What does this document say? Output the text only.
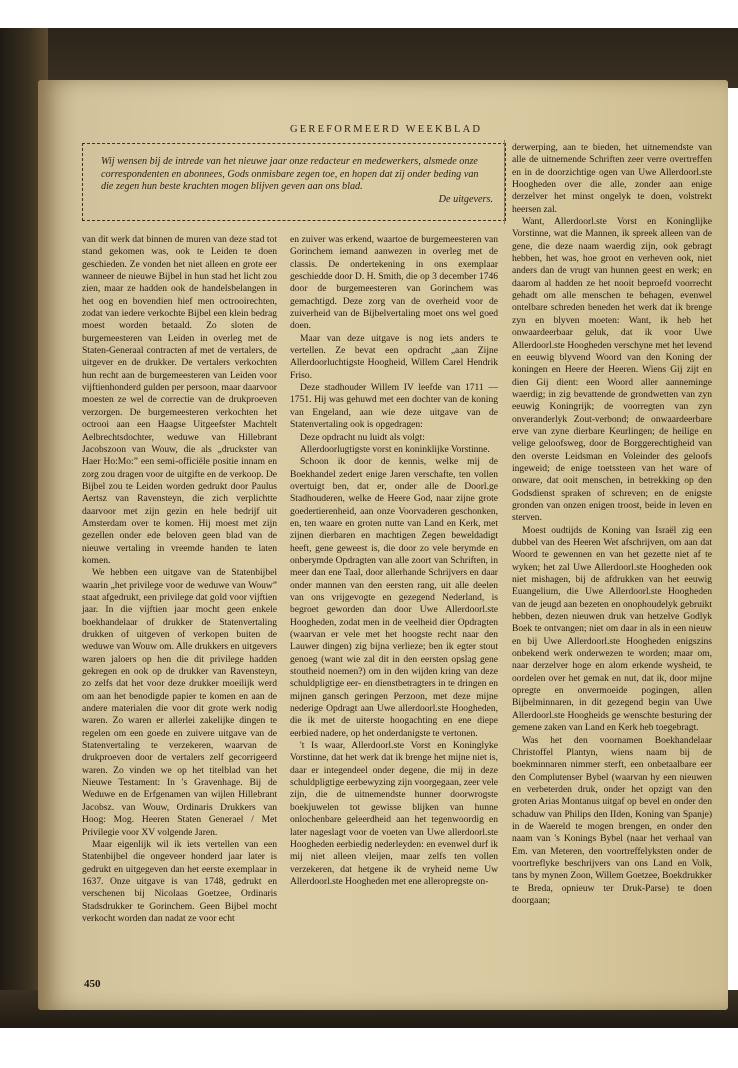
GEREFORMEERD WEEKBLAD

Wij wensen bij de intrede van het nieuwe jaar onze redacteur en medewerkers, alsmede onze correspondenten en abonnees, Gods onmisbare zegen toe, en hopen dat zij onder beding van die zegen hun beste krachten mogen blijven geven aan ons blad.
De uitgevers.

van dit werk dat binnen de muren van deze stad tot stand gekomen was, ook te Leiden te doen geschieden. Ze vonden het niet alleen en grote eer wanneer de nieuwe Bijbel in hun stad het licht zou zien, maar ze hadden ook de handelsbelangen in het oog en bovendien hief men octrooirechten, zodat van iedere verkochte Bijbel een klein bedrag moest worden betaald. Zo sloten de burgemeesteren van Leiden in overleg met de Staten-Generaal contracten af met de vertalers, de uitgever en de drukker. De vertalers verkochten hun recht aan de burgemeesteren van Leiden voor vijftienhonderd gulden per persoon, maar daarvoor moesten ze wel de correctie van de drukproeven verzorgen. De burgemeesteren verkochten het octrooi aan een Haagse Uitgeefster Machtelt Aelbrechtsdochter, weduwe van Hillebrant Jacobszoon van Wouw, die als „druckster van Haer Ho:Mo:” een semi-officiële positie innam en zorg zou dragen voor de uitgifte en de verkoop. De Bijbel zou te Leiden worden gedrukt door Paulus Aertsz van Ravensteyn, die zich verplichtte daarvoor met zijn gezin en hele bedrijf uit Amsterdam over te komen. Hij moest met zijn gezellen onder ede beloven geen blad van de nieuwe vertaling in vreemde handen te laten komen.

We hebben een uitgave van de Statenbijbel waarin „het privilege voor de weduwe van Wouw” staat afgedrukt, een privilege dat gold voor vijftien jaar. In die vijftien jaar mocht geen enkele boekhandelaar of drukker de Statenvertaling drukken of uitgeven of verkopen buiten de weduwe van Wouw om. Alle drukkers en uitgevers waren jaloers op hen die dit privilege hadden gekregen en ook op de drukker van Ravensteyn, zo zelfs dat het voor deze drukker moeilijk werd om aan het benodigde papier te komen en aan de andere materialen die voor dit grote werk nodig waren. Zo waren er allerlei zakelijke dingen te regelen om een goede en zuivere uitgave van de Statenvertaling te verzekeren, waarvan de drukproeven door de vertalers zelf gecorrigeerd waren. Zo vinden we op het titelblad van het Nieuwe Testament: In 's Gravenhage. Bij de Weduwe en de Erfgenamen van wijlen Hillebrant Jacobsz. van Wouw, Ordinaris Drukkers van Hoog: Mog. Heeren Staten Generael / Met Privilegie voor XV volgende Jaren.

Maar eigenlijk wil ik iets vertellen van een Statenbijbel die ongeveer honderd jaar later is gedrukt en uitgegeven dan het eerste exemplaar in 1637. Onze uitgave is van 1748, gedrukt en verschenen bij Nicolaas Goetzee, Ordinaris Stadsdrukker te Gorinchem. Geen Bijbel mocht verkocht worden dan nadat ze voor echt

en zuiver was erkend, waartoe de burgemeesteren van Gorinchem iemand aanwezen in overleg met de classis. De ondertekening in ons exemplaar geschiedde door D. H. Smith, die op 3 december 1746 door de burgemeesteren van Gorinchem was gemachtigd. Deze zorg van de overheid voor de zuiverheid van de Bijbelvertaling moet ons wel goed doen.

Maar van deze uitgave is nog iets anders te vertellen. Ze bevat een opdracht „aan Zijne Allerdoorluchtigste Hoogheid, Willem Carel Hendrik Friso.

Deze stadhouder Willem IV leefde van 1711 — 1751. Hij was gehuwd met een dochter van de koning van Engeland, aan wie deze uitgave van de Statenvertaling ook is opgedragen:

Deze opdracht nu luidt als volgt:

Allerdoorlugtigste vorst en koninklijke Vorstinne.

Schoon ik door de kennis, welke mij de Boekhandel zedert enige Jaren verschafte, ten vollen overtuigt ben, dat er, onder alle de Doorl.ge Stadhouderen, welke de Heere God, naar zijne grote goedertierenheid, aan onze Voorvaderen geschonken, en, ten waare en groten nutte van Land en Kerk, met zijnen dierbaren en machtigen Zegen beweldadigt heeft, gene geweest is, die door zo vele berymde en onberymde Opdragten van alle zoort van Schriften, in meer dan ene Taal, door allerhande Schrijvers en daar onder mannen van den eersten rang, uit alle deelen van ons vrijgevogte en gezegend Nederland, is begroet geworden dan door Uwe Allerdoorl.ste Hoogheden, zodat men in de veelheid dier Opdragten (waarvan er vele met het hoogste recht naar den Lauwer dingen) zig bijna verlieze; ben ik egter stout genoeg (want wie zal dit in den eersten opslag gene stoutheid noemen?) om in den wijden kring van deze schuldpligtige eer- en dienstbetragters in te dringen en mijnen gansch geringen Perzoon, met deze mijne nederige Opdragt aan Uwe allerdoorl.ste Hoogheden, die ik met de uiterste hoogachting en ene diepe eerbied nadere, op het onderdanigste te vertonen.

't Is waar, Allerdoorl.ste Vorst en Koninglyke Vorstinne, dat het werk dat ik brenge het mijne niet is, daar er integendeel onder degene, die mij in deze schuldpligtige eerbewyzing zijn voorgegaan, zeer vele zijn, die de uitnemendste hunner doorwrogste boekjuwelen tot gewisse blijken van hunne onlochenbare geleerdheid aan het tegenwoordig en later nageslagt voor de voeten van Uwe allerdoorl.ste Hoogheden eerbiedig nederleyden: en evenwel durf ik mij niet alleen vleijen, maar zelfs ten vollen verzekeren, dat hetgene ik de vryheid neme Uw Allerdoorl.ste Hoogheden met ene alleropregste on-

derwerping, aan te bieden, het uitnemendste van alle de uitnemende Schriften zeer verre overtreffen en in de doorzichtige ogen van Uwe Allerdoorl.ste Hoogheden over die alle, zonder aan enige derzelver het minst ongelyk te doen, volstrekt heersen zal.

Want, Allerdoorl.ste Vorst en Koninglijke Vorstinne, wat die Mannen, ik spreek alleen van de gene, die deze naam waerdig zijn, ook gebragt hebben, het was, hoe groot en verheven ook, niet anders dan de vrugt van hunnen geest en werk; en daarom al hadden ze het nooit beproefd voorrecht gehadt om alle menschen te behagen, evenwel ontelbare schreden beneden het werk dat ik brenge zyn en blyven moeten: Want, ik heb het onwaardeerbaar geluk, dat ik voor Uwe Allerdoorl.ste Hoogheden verschyne met het levend en eeuwig blyvend Woord van den Koning der koningen en Heere der Heeren. Wiens Gij zijt en dien Gij dient: een Woord aller aanneminge waerdig; in zig bevattende de grondwetten van zyn eeuwig Koningrijk; de voorregten van zyn onveranderlyk Zout-verbond; de onwaardeerbare erve van zyne dierbare Keurlingen; de heilige en velige geloofsweg, door de Borggerechtigheid van den overste Leidsman en Voleinder des geloofs ingeweid; de enige toetssteen van het ware of onware, dat ooit menschen, in betrekking op den Godsdienst spraken of schreven; en de enigste gronden van onzen enigen troost, beide in leven en sterven.

Moest oudtijds de Koning van Israël zig een dubbel van des Heeren Wet afschrijven, om aan dat Woord te gewennen en van het gezette niet af te wyken; het zal Uwe Allerdoorl.ste Hoogheden ook niet mishagen, bij de afdrukken van het eeuwig Euangelium, die Uwe Allerdoorl.ste Hoogheden van de jeugd aan bezeten en onophoudelyk gebruikt hebben, dezen nieuwen druk van hetzelve Godlyk Boek te ontvangen; niet om daar in als in een nieuw en bij Uwe Allerdoorl.ste Hoogheden enigszins onbekend werk onderwezen te worden; maar om, naar derzelver hoge en alom erkende wysheid, te oordelen over het gemak en nut, dat ik, door mijne opregte en onvermoeide pogingen, allen Bijbelminnaren, in dit gezegend begin van Uwe Allerdoorl.ste Hoogheids ge wenschte besturing der gemene zaken van Land en Kerk heb toegebragt.

Was het den voornamen Boekhandelaar Christoffel Plantyn, wiens naam bij de boekminnaren nimmer sterft, een onbetaalbare eer den Complutenser Bybel (waarvan hy een nieuwen en verbeterden druk, onder het opzigt van den groten Arias Montanus uitgaf op bevel en onder den schaduw van Philips den IIden, Koning van Spanje) in de Waereld te mogen brengen, en onder den naam van 's Konings Bybel (naar het verhaal van Em. van Meteren, den voortreffelyksten onder de voortreflyke beschrijvers van ons Land en Volk, tans by mynen Zoon, Willem Goetzee, Boekdrukker te Breda, opnieuw ter Druk-Parse) te doen doorgaan;

450
